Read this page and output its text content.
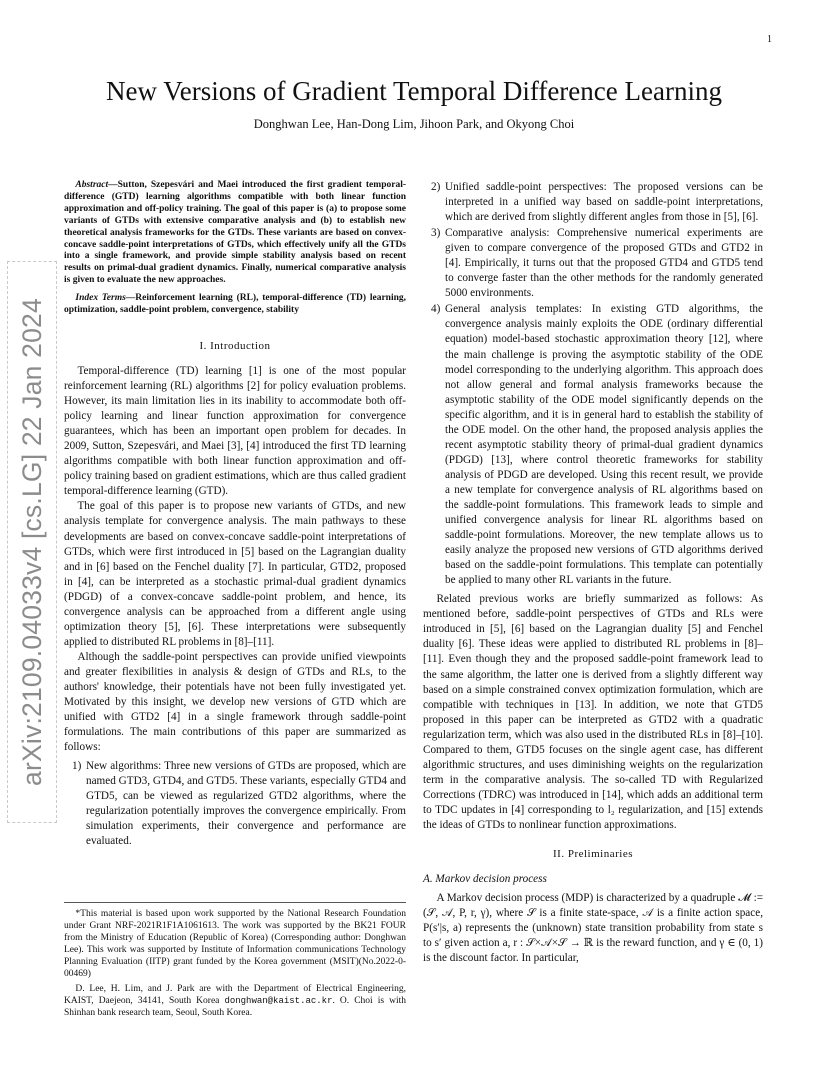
1
arXiv:2109.04033v4 [cs.LG] 22 Jan 2024
New Versions of Gradient Temporal Difference Learning
Donghwan Lee, Han-Dong Lim, Jihoon Park, and Okyong Choi

Abstract—Sutton, Szepesvári and Maei introduced the first gradient temporal-difference (GTD) learning algorithms compatible with both linear function approximation and off-policy training. The goal of this paper is (a) to propose some variants of GTDs with extensive comparative analysis and (b) to establish new theoretical analysis frameworks for the GTDs. These variants are based on convex-concave saddle-point interpretations of GTDs, which effectively unify all the GTDs into a single framework, and provide simple stability analysis based on recent results on primal-dual gradient dynamics. Finally, numerical comparative analysis is given to evaluate the new approaches.

Index Terms—Reinforcement learning (RL), temporal-difference (TD) learning, optimization, saddle-point problem, convergence, stability

I. Introduction

Temporal-difference (TD) learning [1] is one of the most popular reinforcement learning (RL) algorithms [2] for policy evaluation problems. However, its main limitation lies in its inability to accommodate both off-policy learning and linear function approximation for convergence guarantees, which has been an important open problem for decades. In 2009, Sutton, Szepesvári, and Maei [3], [4] introduced the first TD learning algorithms compatible with both linear function approximation and off-policy training based on gradient estimations, which are thus called gradient temporal-difference learning (GTD).

The goal of this paper is to propose new variants of GTDs, and new analysis template for convergence analysis. The main pathways to these developments are based on convex-concave saddle-point interpretations of GTDs, which were first introduced in [5] based on the Lagrangian duality and in [6] based on the Fenchel duality [7]. In particular, GTD2, proposed in [4], can be interpreted as a stochastic primal-dual gradient dynamics (PDGD) of a convex-concave saddle-point problem, and hence, its convergence analysis can be approached from a different angle using optimization theory [5], [6]. These interpretations were subsequently applied to distributed RL problems in [8]–[11].

Although the saddle-point perspectives can provide unified viewpoints and greater flexibilities in analysis & design of GTDs and RLs, to the authors' knowledge, their potentials have not been fully investigated yet. Motivated by this insight, we develop new versions of GTD which are unified with GTD2 [4] in a single framework through saddle-point formulations. The main contributions of this paper are summarized as follows:

1) New algorithms: Three new versions of GTDs are proposed, which are named GTD3, GTD4, and GTD5. These variants, especially GTD4 and GTD5, can be viewed as regularized GTD2 algorithms, where the regularization potentially improves the convergence empirically. From simulation experiments, their convergence and performance are evaluated.

*This material is based upon work supported by the National Research Foundation under Grant NRF-2021R1F1A1061613. The work was supported by the BK21 FOUR from the Ministry of Education (Republic of Korea) (Corresponding author: Donghwan Lee). This work was supported by Institute of Information communications Technology Planning Evaluation (IITP) grant funded by the Korea government (MSIT)(No.2022-0-00469)

D. Lee, H. Lim, and J. Park are with the Department of Electrical Engineering, KAIST, Daejeon, 34141, South Korea donghwan@kaist.ac.kr. O. Choi is with Shinhan bank research team, Seoul, South Korea.

2) Unified saddle-point perspectives: The proposed versions can be interpreted in a unified way based on saddle-point interpretations, which are derived from slightly different angles from those in [5], [6].
3) Comparative analysis: Comprehensive numerical experiments are given to compare convergence of the proposed GTDs and GTD2 in [4]. Empirically, it turns out that the proposed GTD4 and GTD5 tend to converge faster than the other methods for the randomly generated 5000 environments.
4) General analysis templates: In existing GTD algorithms, the convergence analysis mainly exploits the ODE (ordinary differential equation) model-based stochastic approximation theory [12], where the main challenge is proving the asymptotic stability of the ODE model corresponding to the underlying algorithm. This approach does not allow general and formal analysis frameworks because the asymptotic stability of the ODE model significantly depends on the specific algorithm, and it is in general hard to establish the stability of the ODE model. On the other hand, the proposed analysis applies the recent asymptotic stability theory of primal-dual gradient dynamics (PDGD) [13], where control theoretic frameworks for stability analysis of PDGD are developed. Using this recent result, we provide a new template for convergence analysis of RL algorithms based on the saddle-point formulations. This framework leads to simple and unified convergence analysis for linear RL algorithms based on saddle-point formulations. Moreover, the new template allows us to easily analyze the proposed new versions of GTD algorithms derived based on the saddle-point formulations. This template can potentially be applied to many other RL variants in the future.

Related previous works are briefly summarized as follows: As mentioned before, saddle-point perspectives of GTDs and RLs were introduced in [5], [6] based on the Lagrangian duality [5] and Fenchel duality [6]. These ideas were applied to distributed RL problems in [8]–[11]. Even though they and the proposed saddle-point framework lead to the same algorithm, the latter one is derived from a slightly different way based on a simple constrained convex optimization formulation, which are compatible with techniques in [13]. In addition, we note that GTD5 proposed in this paper can be interpreted as GTD2 with a quadratic regularization term, which was also used in the distributed RLs in [8]–[10]. Compared to them, GTD5 focuses on the single agent case, has different algorithmic structures, and uses diminishing weights on the regularization term in the comparative analysis. The so-called TD with Regularized Corrections (TDRC) was introduced in [14], which adds an additional term to TDC updates in [4] corresponding to l₂ regularization, and [15] extends the ideas of GTDs to nonlinear function approximations.

II. Preliminaries

A. Markov decision process

A Markov decision process (MDP) is characterized by a quadruple 𝓜 := (𝒮, 𝒜, P, r, γ), where 𝒮 is a finite state-space, 𝒜 is a finite action space, P(s′|s, a) represents the (unknown) state transition probability from state s to s′ given action a, r : 𝒮×𝒜×𝒮 → ℝ is the reward function, and γ ∈ (0, 1) is the discount factor. In particular,
